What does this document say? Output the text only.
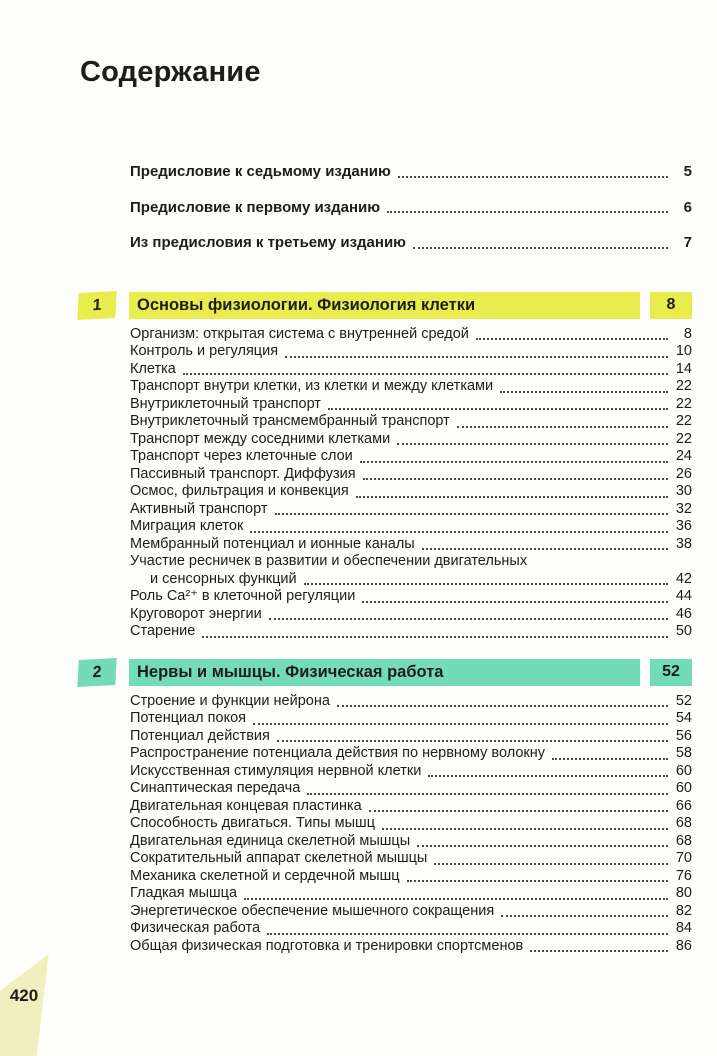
Содержание
Предисловие к седьмому изданию	5
Предисловие к первому изданию	6
Из предисловия к третьему изданию	7
1	Основы физиологии. Физиология клетки	8
Организм: открытая система с внутренней средой	8
Контроль и регуляция	10
Клетка	14
Транспорт внутри клетки, из клетки и между клетками	22
Внутриклеточный транспорт	22
Внутриклеточный трансмембранный транспорт	22
Транспорт между соседними клетками	22
Транспорт через клеточные слои	24
Пассивный транспорт. Диффузия	26
Осмос, фильтрация и конвекция	30
Активный транспорт	32
Миграция клеток	36
Мембранный потенциал и ионные каналы	38
Участие ресничек в развитии и обеспечении двигательных
и сенсорных функций	42
Роль Ca²⁺ в клеточной регуляции	44
Круговорот энергии	46
Старение	50
2	Нервы и мышцы. Физическая работа	52
Строение и функции нейрона	52
Потенциал покоя	54
Потенциал действия	56
Распространение потенциала действия по нервному волокну	58
Искусственная стимуляция нервной клетки	60
Синаптическая передача	60
Двигательная концевая пластинка	66
Способность двигаться. Типы мышц	68
Двигательная единица скелетной мышцы	68
Сократительный аппарат скелетной мышцы	70
Механика скелетной и сердечной мышц	76
Гладкая мышца	80
Энергетическое обеспечение мышечного сокращения	82
Физическая работа	84
Общая физическая подготовка и тренировки спортсменов	86
420
